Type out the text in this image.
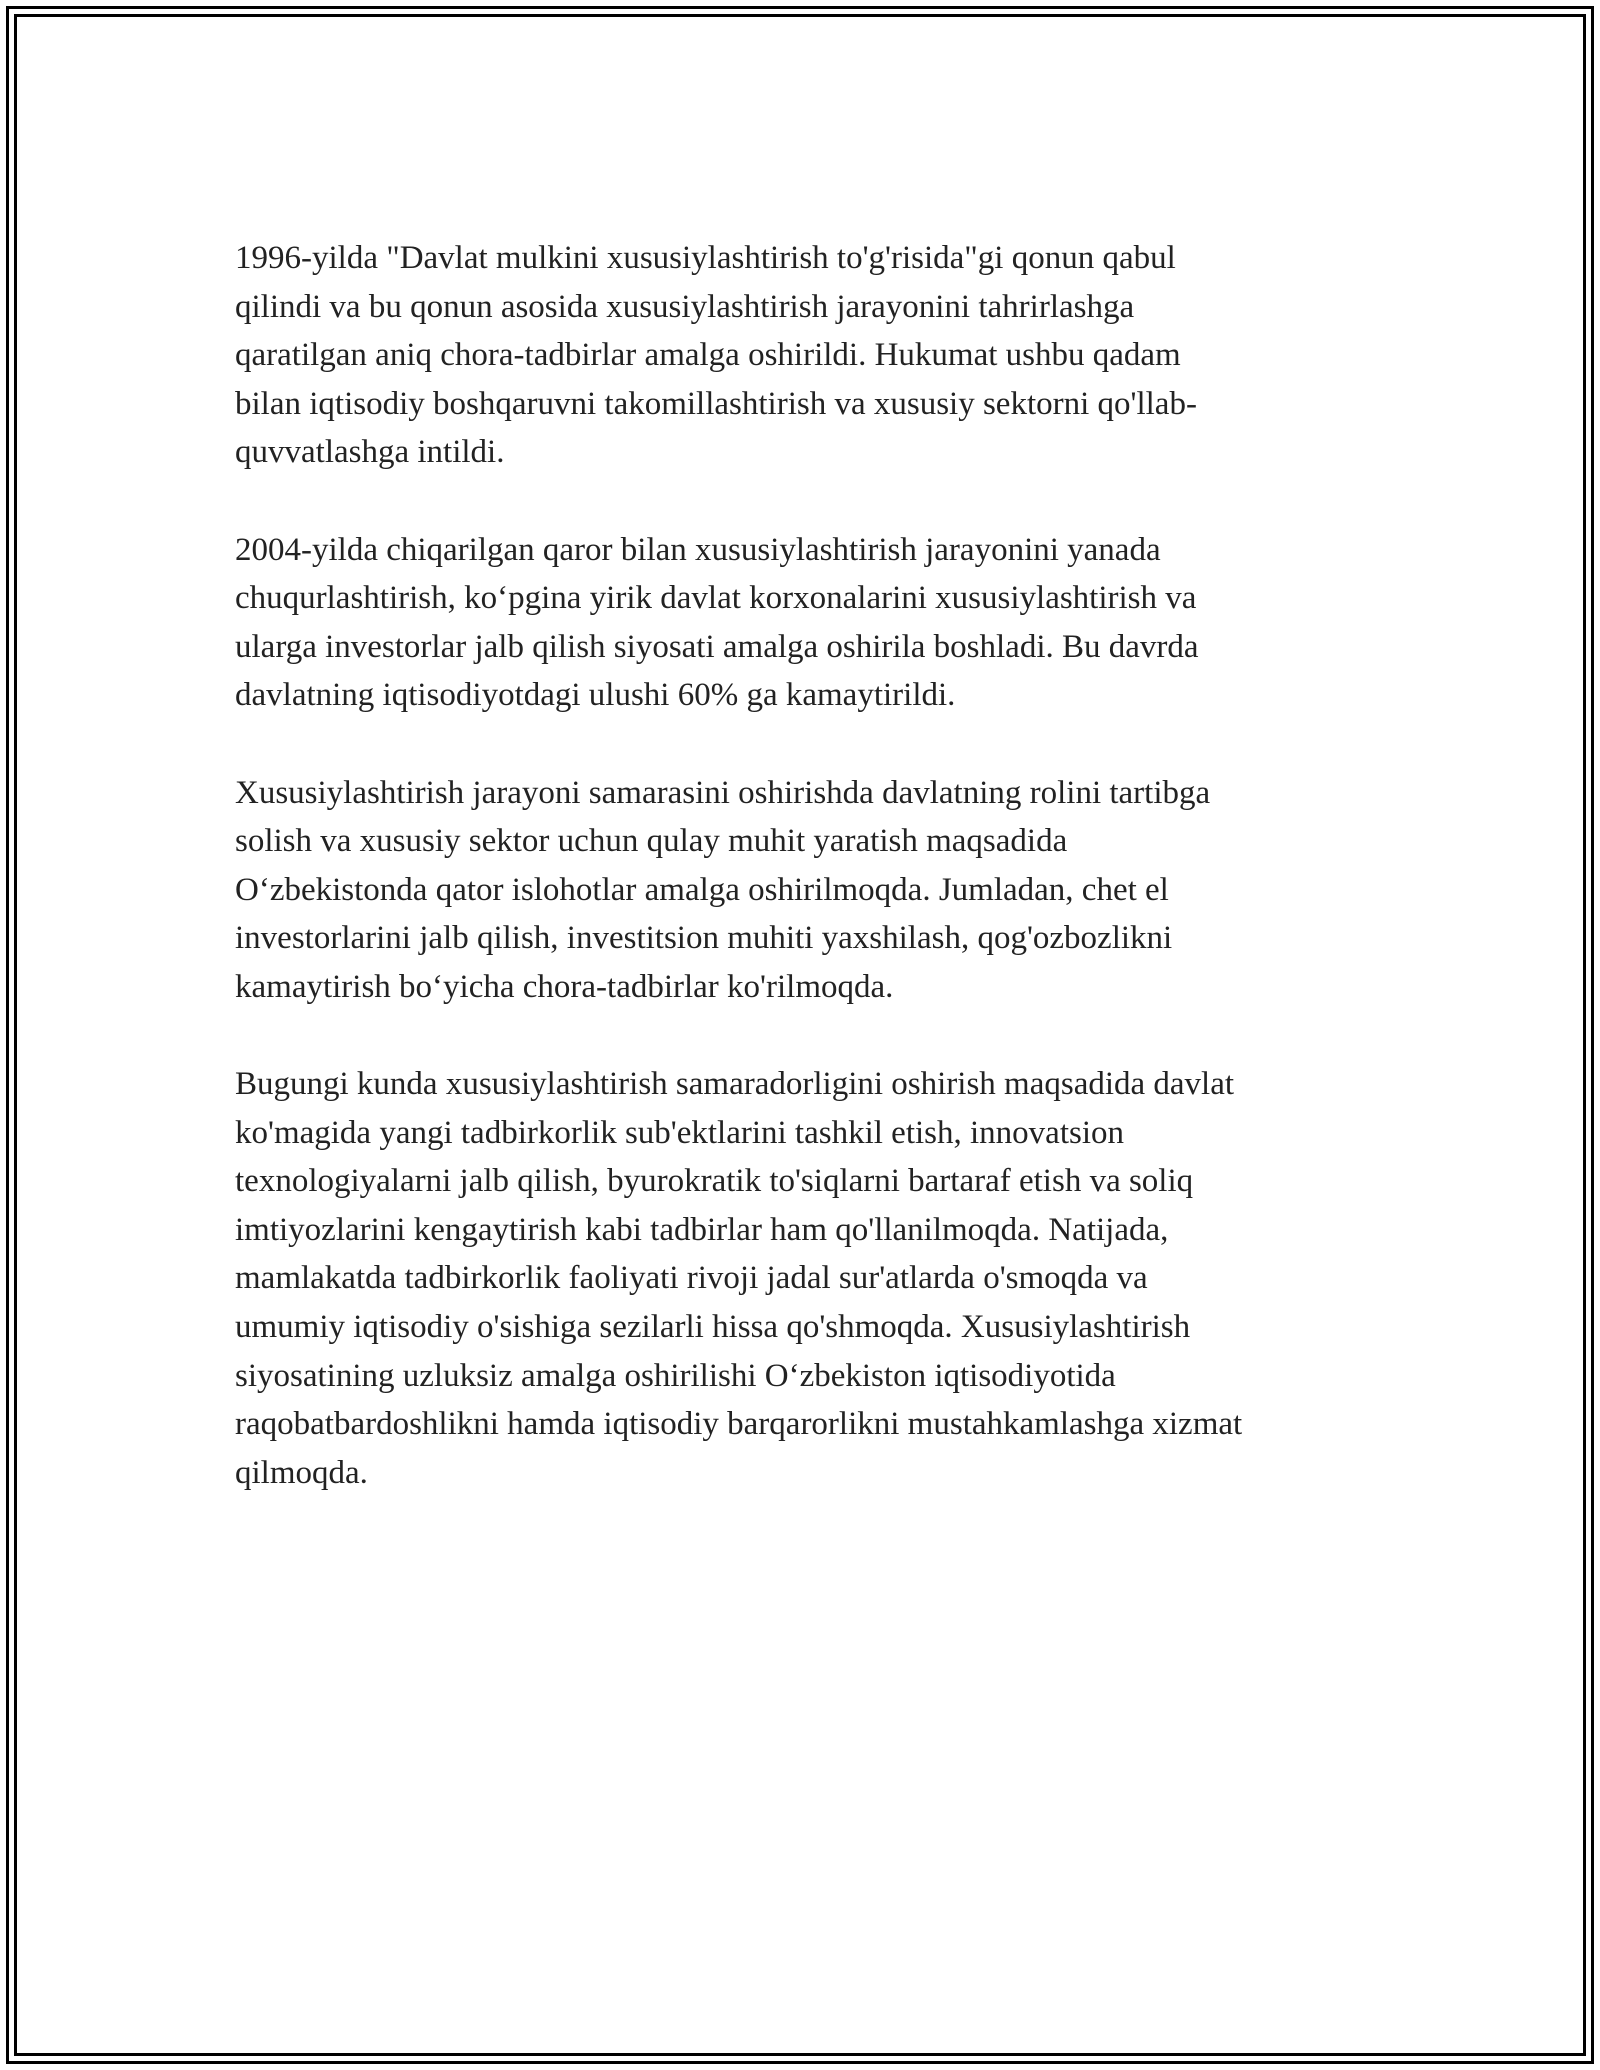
1996-yilda "Davlat mulkini xususiylashtirish to'g'risida"gi qonun qabul
qilindi va bu qonun asosida xususiylashtirish jarayonini tahrirlashga
qaratilgan aniq chora-tadbirlar amalga oshirildi. Hukumat ushbu qadam
bilan iqtisodiy boshqaruvni takomillashtirish va xususiy sektorni qo'llab-
quvvatlashga intildi.

2004-yilda chiqarilgan qaror bilan xususiylashtirish jarayonini yanada
chuqurlashtirish, ko‘pgina yirik davlat korxonalarini xususiylashtirish va
ularga investorlar jalb qilish siyosati amalga oshirila boshladi. Bu davrda
davlatning iqtisodiyotdagi ulushi 60% ga kamaytirildi.

Xususiylashtirish jarayoni samarasini oshirishda davlatning rolini tartibga
solish va xususiy sektor uchun qulay muhit yaratish maqsadida
O‘zbekistonda qator islohotlar amalga oshirilmoqda. Jumladan, chet el
investorlarini jalb qilish, investitsion muhiti yaxshilash, qog'ozbozlikni
kamaytirish bo‘yicha chora-tadbirlar ko'rilmoqda.

Bugungi kunda xususiylashtirish samaradorligini oshirish maqsadida davlat
ko'magida yangi tadbirkorlik sub'ektlarini tashkil etish, innovatsion
texnologiyalarni jalb qilish, byurokratik to'siqlarni bartaraf etish va soliq
imtiyozlarini kengaytirish kabi tadbirlar ham qo'llanilmoqda. Natijada,
mamlakatda tadbirkorlik faoliyati rivoji jadal sur'atlarda o'smoqda va
umumiy iqtisodiy o'sishiga sezilarli hissa qo'shmoqda. Xususiylashtirish
siyosatining uzluksiz amalga oshirilishi O‘zbekiston iqtisodiyotida
raqobatbardoshlikni hamda iqtisodiy barqarorlikni mustahkamlashga xizmat
qilmoqda.
